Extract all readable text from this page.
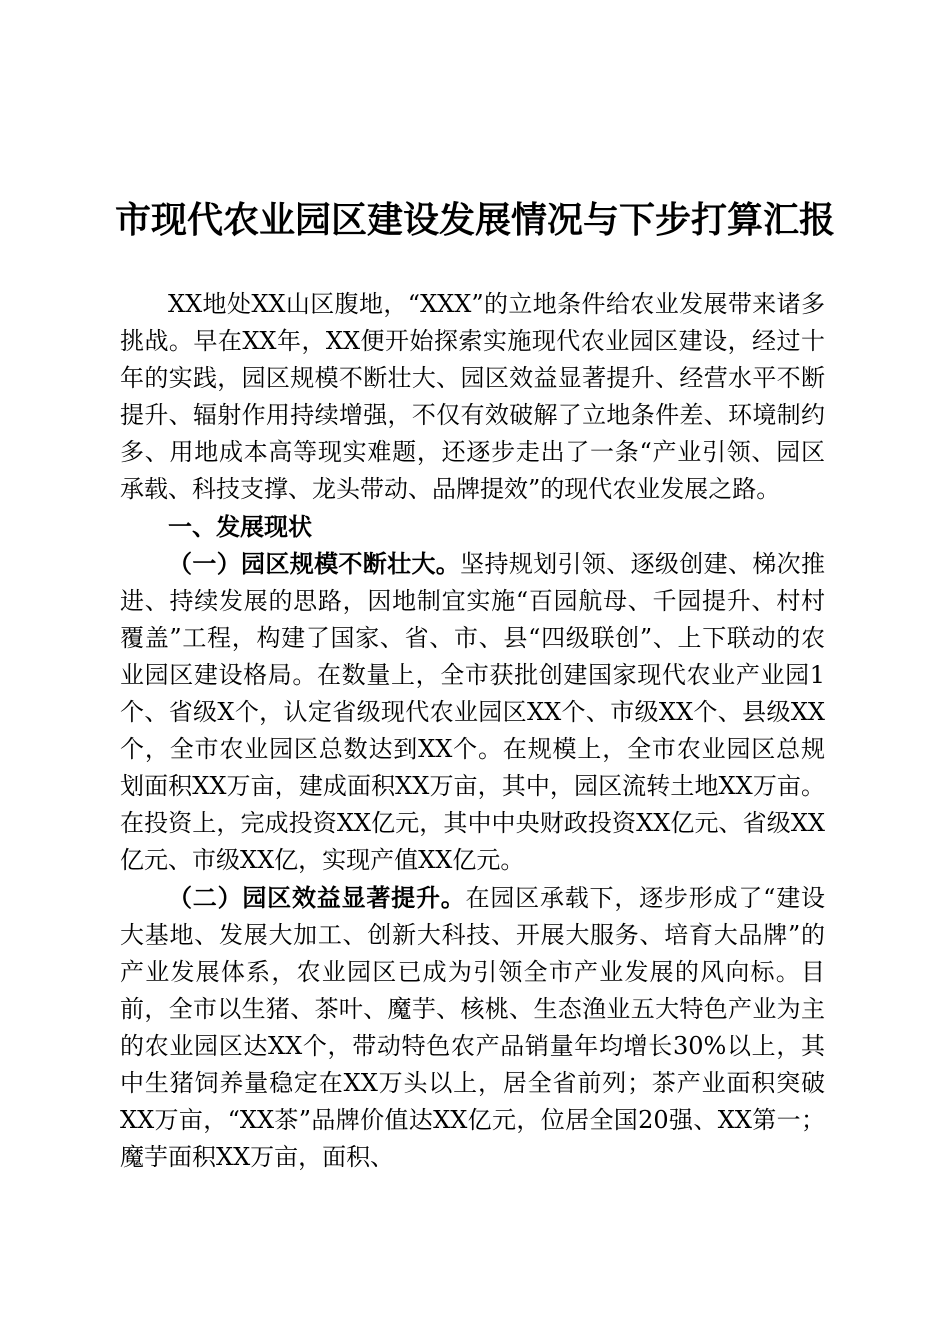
市现代农业园区建设发展情况与下步打算汇报

XX地处XX山区腹地，“XXX”的立地条件给农业发展带来诸多挑战。早在XX年，XX便开始探索实施现代农业园区建设，经过十年的实践，园区规模不断壮大、园区效益显著提升、经营水平不断提升、辐射作用持续增强，不仅有效破解了立地条件差、环境制约多、用地成本高等现实难题，还逐步走出了一条“产业引领、园区承载、科技支撑、龙头带动、品牌提效”的现代农业发展之路。

一、发展现状

（一）园区规模不断壮大。坚持规划引领、逐级创建、梯次推进、持续发展的思路，因地制宜实施“百园航母、千园提升、村村覆盖”工程，构建了国家、省、市、县“四级联创”、上下联动的农业园区建设格局。在数量上，全市获批创建国家现代农业产业园1个、省级X个，认定省级现代农业园区XX个、市级XX个、县级XX个，全市农业园区总数达到XX个。在规模上，全市农业园区总规划面积XX万亩，建成面积XX万亩，其中，园区流转土地XX万亩。在投资上，完成投资XX亿元，其中中央财政投资XX亿元、省级XX亿元、市级XX亿，实现产值XX亿元。

（二）园区效益显著提升。在园区承载下，逐步形成了“建设大基地、发展大加工、创新大科技、开展大服务、培育大品牌”的产业发展体系，农业园区已成为引领全市产业发展的风向标。目前，全市以生猪、茶叶、魔芋、核桃、生态渔业五大特色产业为主的农业园区达XX个，带动特色农产品销量年均增长30%以上，其中生猪饲养量稳定在XX万头以上，居全省前列；茶产业面积突破XX万亩，“XX茶”品牌价值达XX亿元，位居全国20强、XX第一；魔芋面积XX万亩，面积、
